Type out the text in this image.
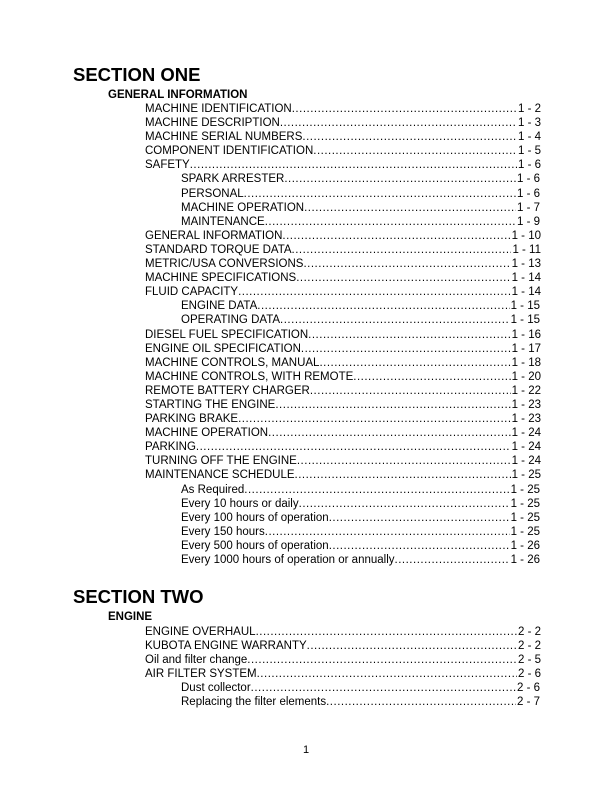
SECTION ONE
GENERAL INFORMATION
MACHINE IDENTIFICATION .....	1 - 2
MACHINE DESCRIPTION .....	1 - 3
MACHINE SERIAL NUMBERS .....	1 - 4
COMPONENT IDENTIFICATION .....	1 - 5
SAFETY .....	1 - 6
SPARK ARRESTER .....	1 - 6
PERSONAL .....	1 - 6
MACHINE OPERATION .....	1 - 7
MAINTENANCE .....	1 - 9
GENERAL INFORMATION .....	1 - 10
STANDARD TORQUE DATA .....	1 - 11
METRIC/USA CONVERSIONS .....	1 - 13
MACHINE SPECIFICATIONS .....	1 - 14
FLUID CAPACITY .....	1 - 14
ENGINE DATA .....	1 - 15
OPERATING DATA .....	1 - 15
DIESEL FUEL SPECIFICATION .....	1 - 16
ENGINE OIL SPECIFICATION .....	1 - 17
MACHINE CONTROLS, MANUAL .....	1 - 18
MACHINE CONTROLS, WITH REMOTE .....	1 - 20
REMOTE BATTERY CHARGER .....	1 - 22
STARTING THE ENGINE .....	1 - 23
PARKING BRAKE .....	1 - 23
MACHINE OPERATION .....	1 - 24
PARKING .....	1 - 24
TURNING OFF THE ENGINE .....	1 - 24
MAINTENANCE SCHEDULE .....	1 - 25
As Required .....	1 - 25
Every 10 hours or daily .....	1 - 25
Every 100 hours of operation .....	1 - 25
Every 150 hours .....	1 - 25
Every 500 hours of operation .....	1 - 26
Every 1000 hours of operation or annually .....	1 - 26
SECTION TWO
ENGINE
ENGINE OVERHAUL .....	2 - 2
KUBOTA ENGINE WARRANTY .....	2 - 2
Oil and filter change .....	2 - 5
AIR FILTER SYSTEM .....	2 - 6
Dust collector .....	2 - 6
Replacing the filter elements .....	2 - 7
1
